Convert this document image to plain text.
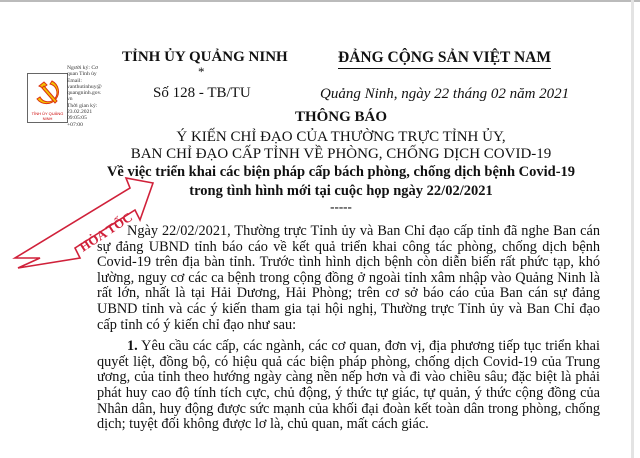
TỈNH ỦY QUẢNG NINH
Người ký: Cơ
quan Tỉnh ủy
Email:
vanthutinhuy@
quangninh.gov.
vn
Thời gian ký:
23.02.2021
09:05:05
+07:00
TỈNH ỦY QUẢNG NINH
*
Số 128 - TB/TU
ĐẢNG CỘNG SẢN VIỆT NAM
Quảng Ninh, ngày 22 tháng 02 năm 2021
THÔNG BÁO
Ý KIẾN CHỈ ĐẠO CỦA THƯỜNG TRỰC TỈNH ỦY,
BAN CHỈ ĐẠO CẤP TỈNH VỀ PHÒNG, CHỐNG DỊCH COVID-19
Về việc triển khai các biện pháp cấp bách phòng, chống dịch bệnh Covid-19
trong tình hình mới tại cuộc họp ngày 22/02/2021
-----

Ngày 22/02/2021, Thường trực Tỉnh ủy và Ban Chỉ đạo cấp tỉnh đã nghe Ban cán sự đảng UBND tỉnh báo cáo về kết quả triển khai công tác phòng, chống dịch bệnh Covid-19 trên địa bàn tỉnh. Trước tình hình dịch bệnh còn diễn biến rất phức tạp, khó lường, nguy cơ các ca bệnh trong cộng đồng ở ngoài tỉnh xâm nhập vào Quảng Ninh là rất lớn, nhất là tại Hải Dương, Hải Phòng; trên cơ sở báo cáo của Ban cán sự đảng UBND tỉnh và các ý kiến tham gia tại hội nghị, Thường trực Tỉnh ủy và Ban Chỉ đạo cấp tỉnh có ý kiến chỉ đạo như sau:

1. Yêu cầu các cấp, các ngành, các cơ quan, đơn vị, địa phương tiếp tục triển khai quyết liệt, đồng bộ, có hiệu quả các biện pháp phòng, chống dịch Covid-19 của Trung ương, của tỉnh theo hướng ngày càng nền nếp hơn và đi vào chiều sâu; đặc biệt là phải phát huy cao độ tính tích cực, chủ động, ý thức tự giác, tự quản, ý thức cộng đồng của Nhân dân, huy động được sức mạnh của khối đại đoàn kết toàn dân trong phòng, chống dịch; tuyệt đối không được lơ là, chủ quan, mất cách giác.

HỎA TỐC
